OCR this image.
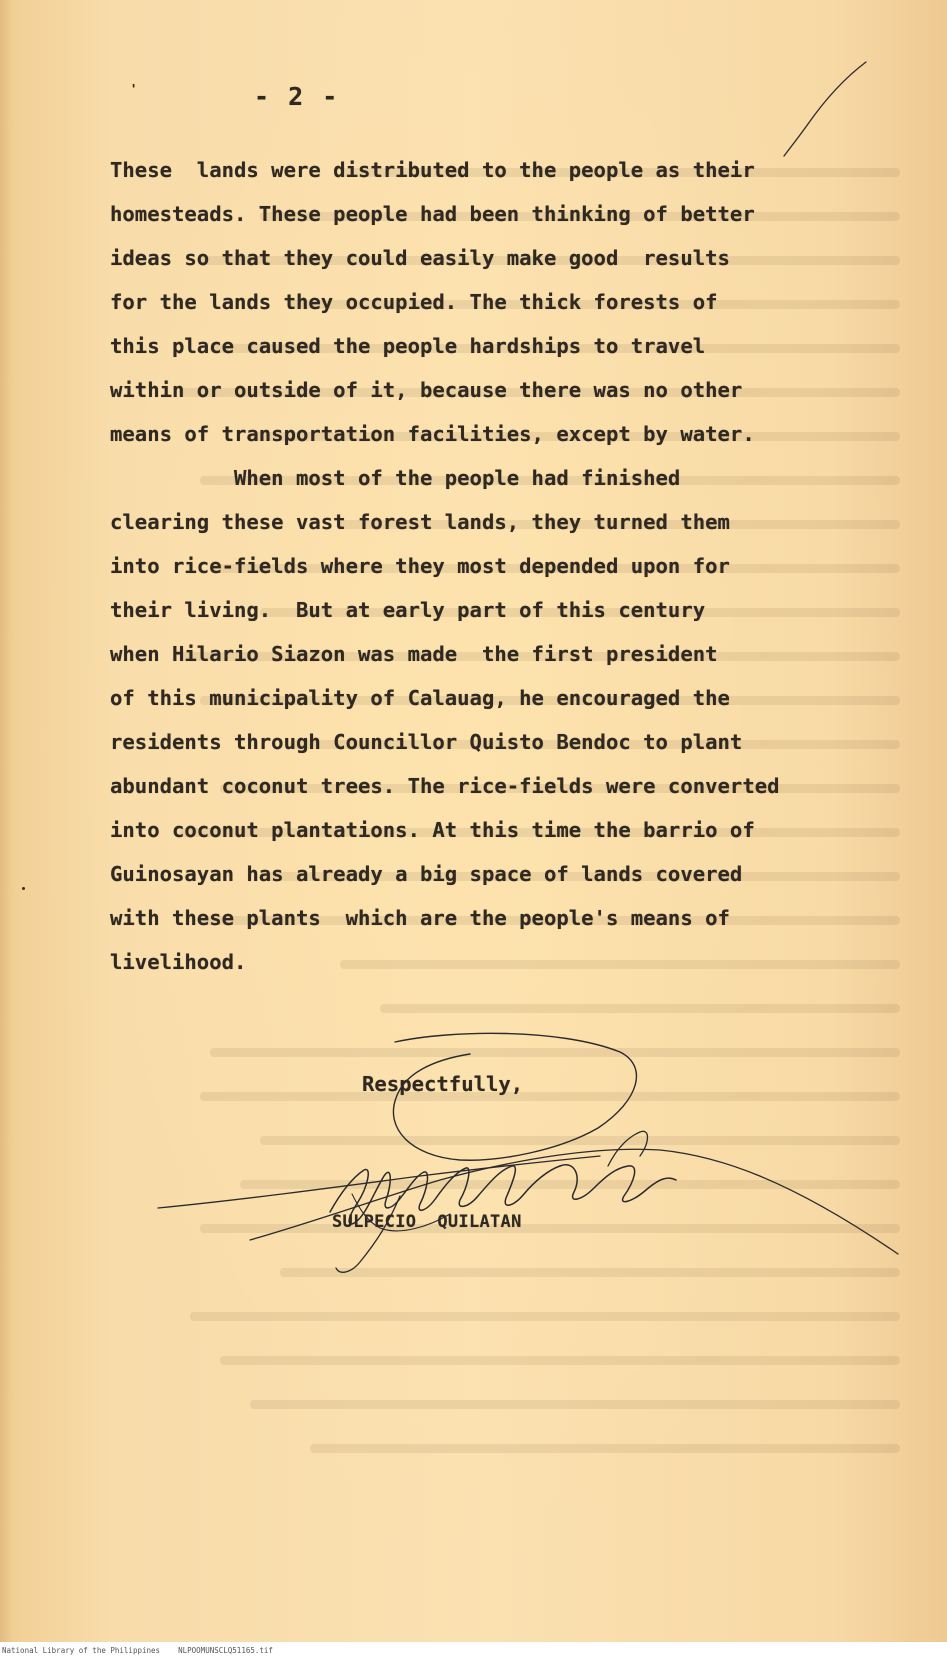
'	- 2 -
These  lands were distributed to the people as their
homesteads. These people had been thinking of better
ideas so that they could easily make good  results
for the lands they occupied. The thick forests of
this place caused the people hardships to travel
within or outside of it, because there was no other
means of transportation facilities, except by water.
When most of the people had finished
clearing these vast forest lands, they turned them
into rice-fields where they most depended upon for
their living.  But at early part of this century
when Hilario Siazon was made  the first president
of this municipality of Calauag, he encouraged the
residents through Councillor Quisto Bendoc to plant
abundant coconut trees. The rice-fields were converted
into coconut plantations. At this time the barrio of
Guinosayan has already a big space of lands covered
with these plants  which are the people's means of
livelihood.
Respectfully,
SULPECIO  QUILATAN
National Library of the Philippines    NLPOOMUNSCLQ51165.tif
